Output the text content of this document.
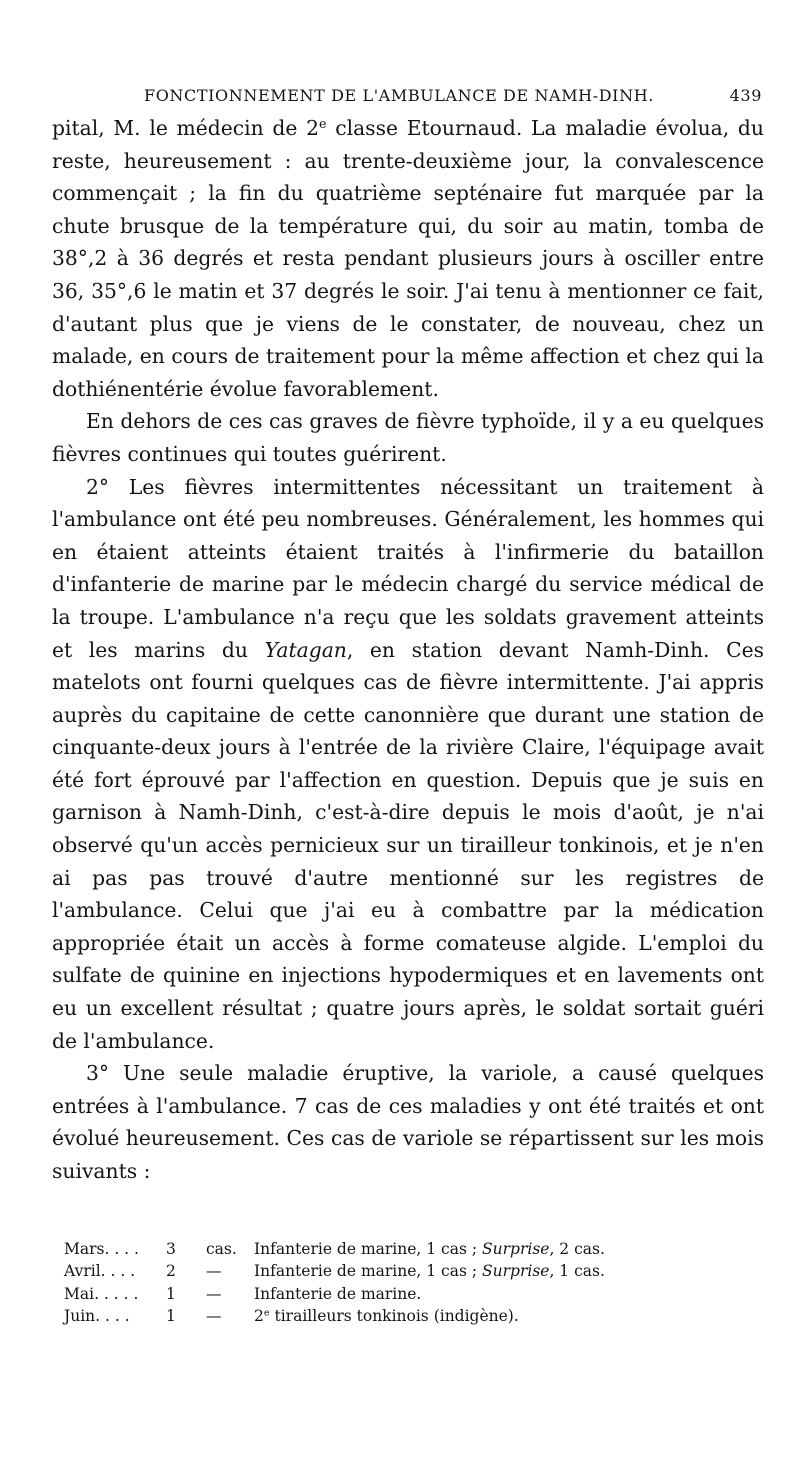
FONCTIONNEMENT DE L'AMBULANCE DE NAMH-DINH.	439

pital, M. le médecin de 2e classe Etournaud. La maladie évolua, du reste, heureusement : au trente-deuxième jour, la convalescence commençait ; la fin du quatrième septénaire fut marquée par la chute brusque de la température qui, du soir au matin, tomba de 38°,2 à 36 degrés et resta pendant plusieurs jours à osciller entre 36, 35°,6 le matin et 37 degrés le soir. J'ai tenu à mentionner ce fait, d'autant plus que je viens de le constater, de nouveau, chez un malade, en cours de traitement pour la même affection et chez qui la dothiénentérie évolue favorablement.

En dehors de ces cas graves de fièvre typhoïde, il y a eu quelques fièvres continues qui toutes guérirent.

2° Les fièvres intermittentes nécessitant un traitement à l'ambulance ont été peu nombreuses. Généralement, les hommes qui en étaient atteints étaient traités à l'infirmerie du bataillon d'infanterie de marine par le médecin chargé du service médical de la troupe. L'ambulance n'a reçu que les soldats gravement atteints et les marins du Yatagan, en station devant Namh-Dinh. Ces matelots ont fourni quelques cas de fièvre intermittente. J'ai appris auprès du capitaine de cette canonnière que durant une station de cinquante-deux jours à l'entrée de la rivière Claire, l'équipage avait été fort éprouvé par l'affection en question. Depuis que je suis en garnison à Namh-Dinh, c'est-à-dire depuis le mois d'août, je n'ai observé qu'un accès pernicieux sur un tirailleur tonkinois, et je n'en ai pas pas trouvé d'autre mentionné sur les registres de l'ambulance. Celui que j'ai eu à combattre par la médication appropriée était un accès à forme comateuse algide. L'emploi du sulfate de quinine en injections hypodermiques et en lavements ont eu un excellent résultat ; quatre jours après, le soldat sortait guéri de l'ambulance.

3° Une seule maladie éruptive, la variole, a causé quelques entrées à l'ambulance. 7 cas de ces maladies y ont été traités et ont évolué heureusement. Ces cas de variole se répartissent sur les mois suivants :

Mars. . . .	3	cas.	Infanterie de marine, 1 cas ; Surprise, 2 cas.
Avril. . . .	2	—	Infanterie de marine, 1 cas ; Surprise, 1 cas.
Mai. . . . .	1	—	Infanterie de marine.
Juin. . . .	1	—	2e tirailleurs tonkinois (indigène).
